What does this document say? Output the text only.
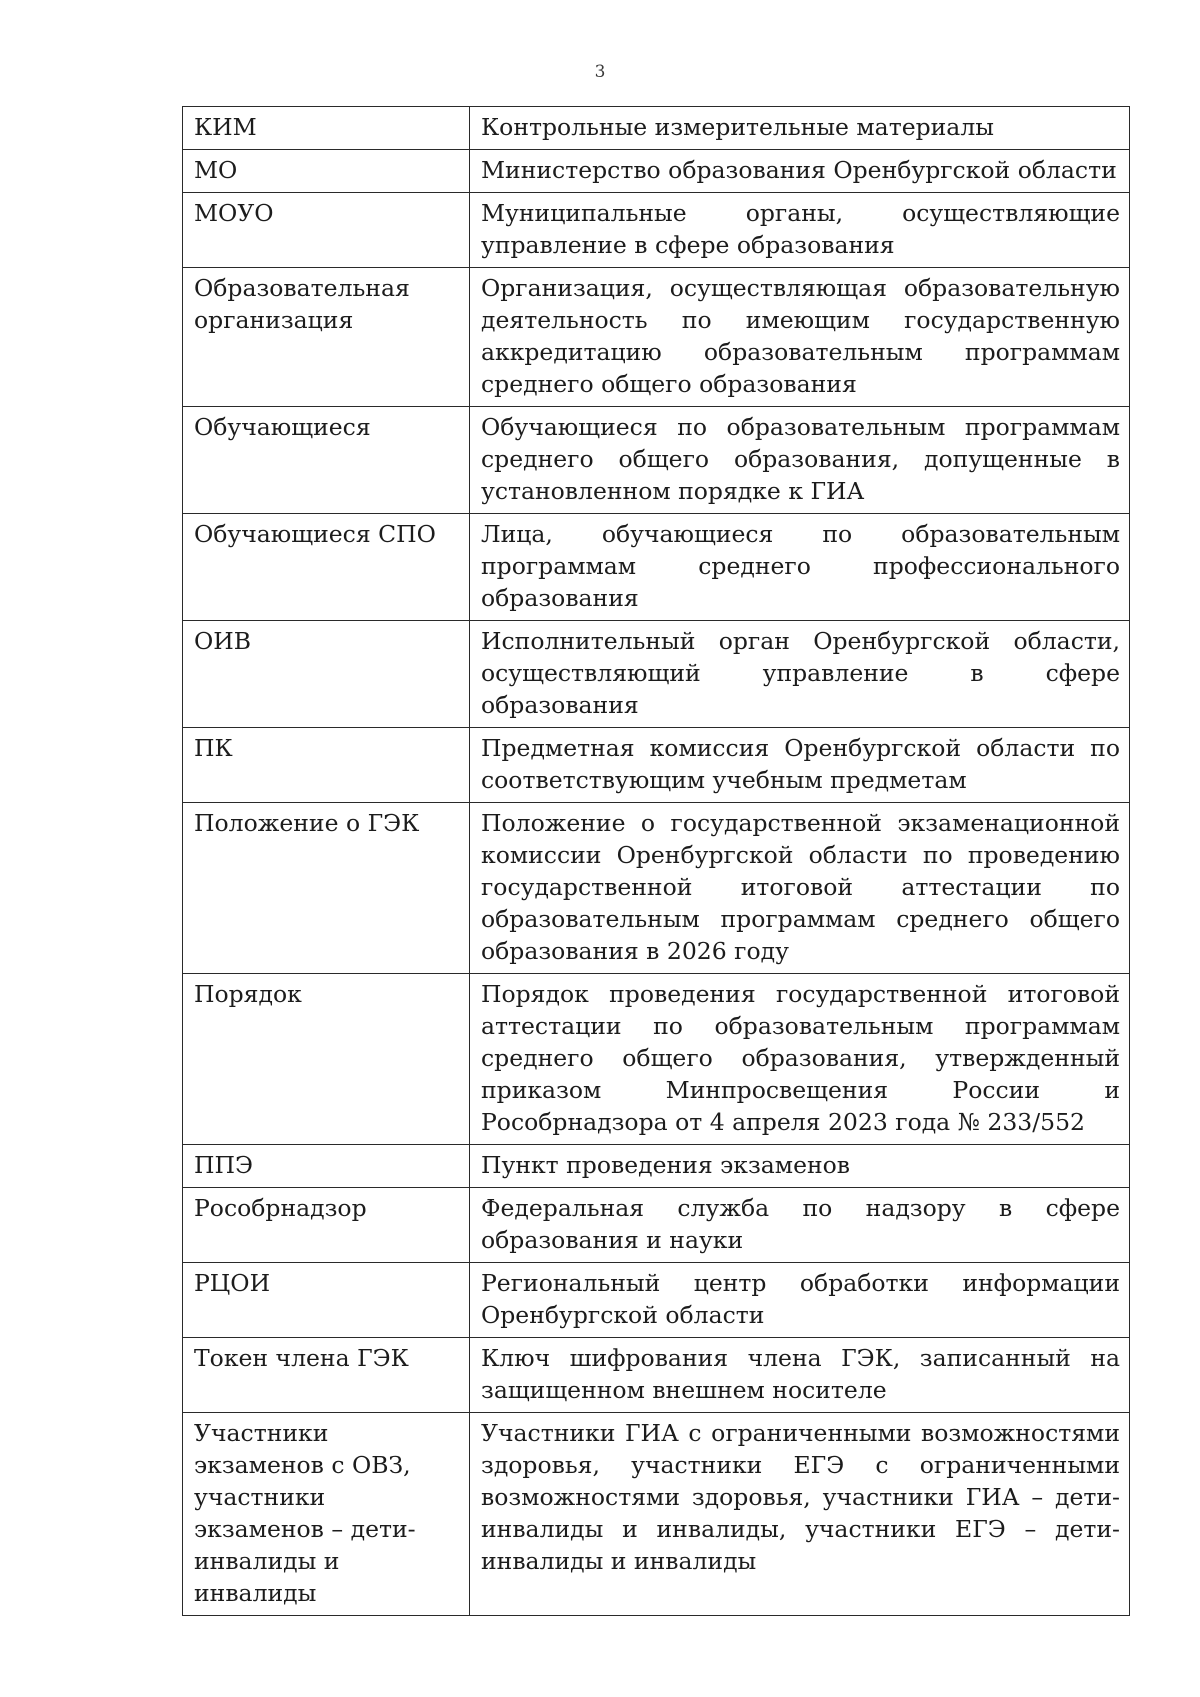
3
КИМ	Контрольные измерительные материалы
МО	Министерство образования Оренбургской области
МОУО	Муниципальные органы, осуществляющие управление в сфере образования
Образовательная организация	Организация, осуществляющая образовательную деятельность по имеющим государственную аккредитацию образовательным программам среднего общего образования
Обучающиеся	Обучающиеся по образовательным программам среднего общего образования, допущенные в установленном порядке к ГИА
Обучающиеся СПО	Лица, обучающиеся по образовательным программам среднего профессионального образования
ОИВ	Исполнительный орган Оренбургской области, осуществляющий управление в сфере образования
ПК	Предметная комиссия Оренбургской области по соответствующим учебным предметам
Положение о ГЭК	Положение о государственной экзаменационной комиссии Оренбургской области по проведению государственной итоговой аттестации по образовательным программам среднего общего образования в 2026 году
Порядок	Порядок проведения государственной итоговой аттестации по образовательным программам среднего общего образования, утвержденный приказом Минпросвещения России и Рособрнадзора от 4 апреля 2023 года № 233/552
ППЭ	Пункт проведения экзаменов
Рособрнадзор	Федеральная служба по надзору в сфере образования и науки
РЦОИ	Региональный центр обработки информации Оренбургской области
Токен члена ГЭК	Ключ шифрования члена ГЭК, записанный на защищенном внешнем носителе
Участники экзаменов с ОВЗ, участники экзаменов – дети-инвалиды и инвалиды	Участники ГИА с ограниченными возможностями здоровья, участники ЕГЭ с ограниченными возможностями здоровья, участники ГИА – дети-инвалиды и инвалиды, участники ЕГЭ – дети-инвалиды и инвалиды
